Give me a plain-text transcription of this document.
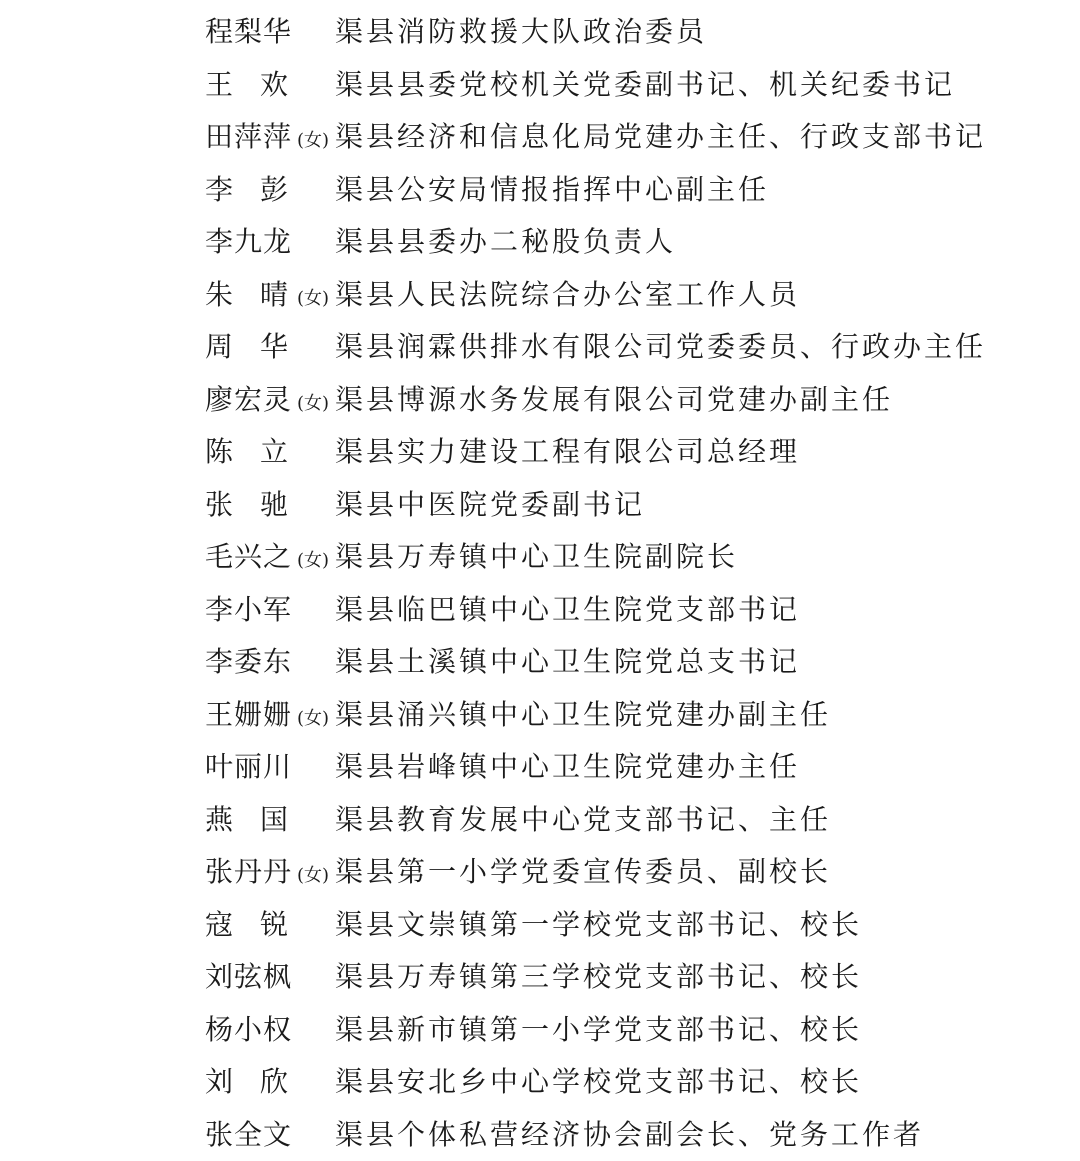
程梨华 渠县消防救援大队政治委员
王欢 渠县县委党校机关党委副书记、机关纪委书记
田萍萍 (女) 渠县经济和信息化局党建办主任、行政支部书记
李彭 渠县公安局情报指挥中心副主任
李九龙 渠县县委办二秘股负责人
朱晴 (女) 渠县人民法院综合办公室工作人员
周华 渠县润霖供排水有限公司党委委员、行政办主任
廖宏灵 (女) 渠县博源水务发展有限公司党建办副主任
陈立 渠县实力建设工程有限公司总经理
张驰 渠县中医院党委副书记
毛兴之 (女) 渠县万寿镇中心卫生院副院长
李小军 渠县临巴镇中心卫生院党支部书记
李委东 渠县土溪镇中心卫生院党总支书记
王姗姗 (女) 渠县涌兴镇中心卫生院党建办副主任
叶丽川 渠县岩峰镇中心卫生院党建办主任
燕国 渠县教育发展中心党支部书记、主任
张丹丹 (女) 渠县第一小学党委宣传委员、副校长
寇锐 渠县文崇镇第一学校党支部书记、校长
刘弦枫 渠县万寿镇第三学校党支部书记、校长
杨小权 渠县新市镇第一小学党支部书记、校长
刘欣 渠县安北乡中心学校党支部书记、校长
张全文 渠县个体私营经济协会副会长、党务工作者
